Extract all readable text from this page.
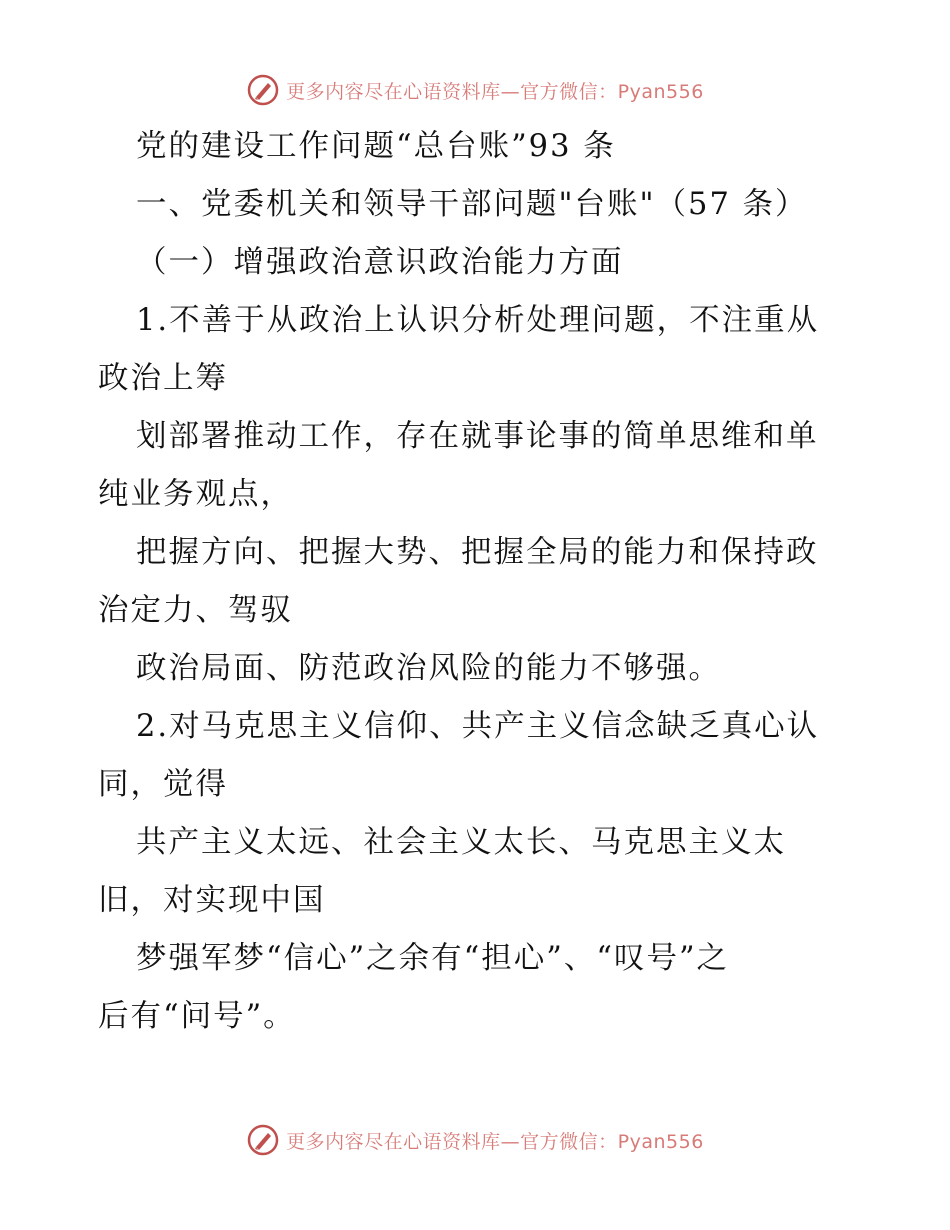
更多内容尽在心语资料库—官方微信：Pyan556
党的建设工作问题“总台账”93 条
一、党委机关和领导干部问题"台账"（57 条）
（一）增强政治意识政治能力方面
1.不善于从政治上认识分析处理问题，不注重从
政治上筹
划部署推动工作，存在就事论事的简单思维和单
纯业务观点，
把握方向、把握大势、把握全局的能力和保持政
治定力、驾驭
政治局面、防范政治风险的能力不够强。
2.对马克思主义信仰、共产主义信念缺乏真心认
同，觉得
共产主义太远、社会主义太长、马克思主义太
旧，对实现中国
梦强军梦“信心”之余有“担心”、“叹号”之
后有“问号”。
更多内容尽在心语资料库—官方微信：Pyan556
